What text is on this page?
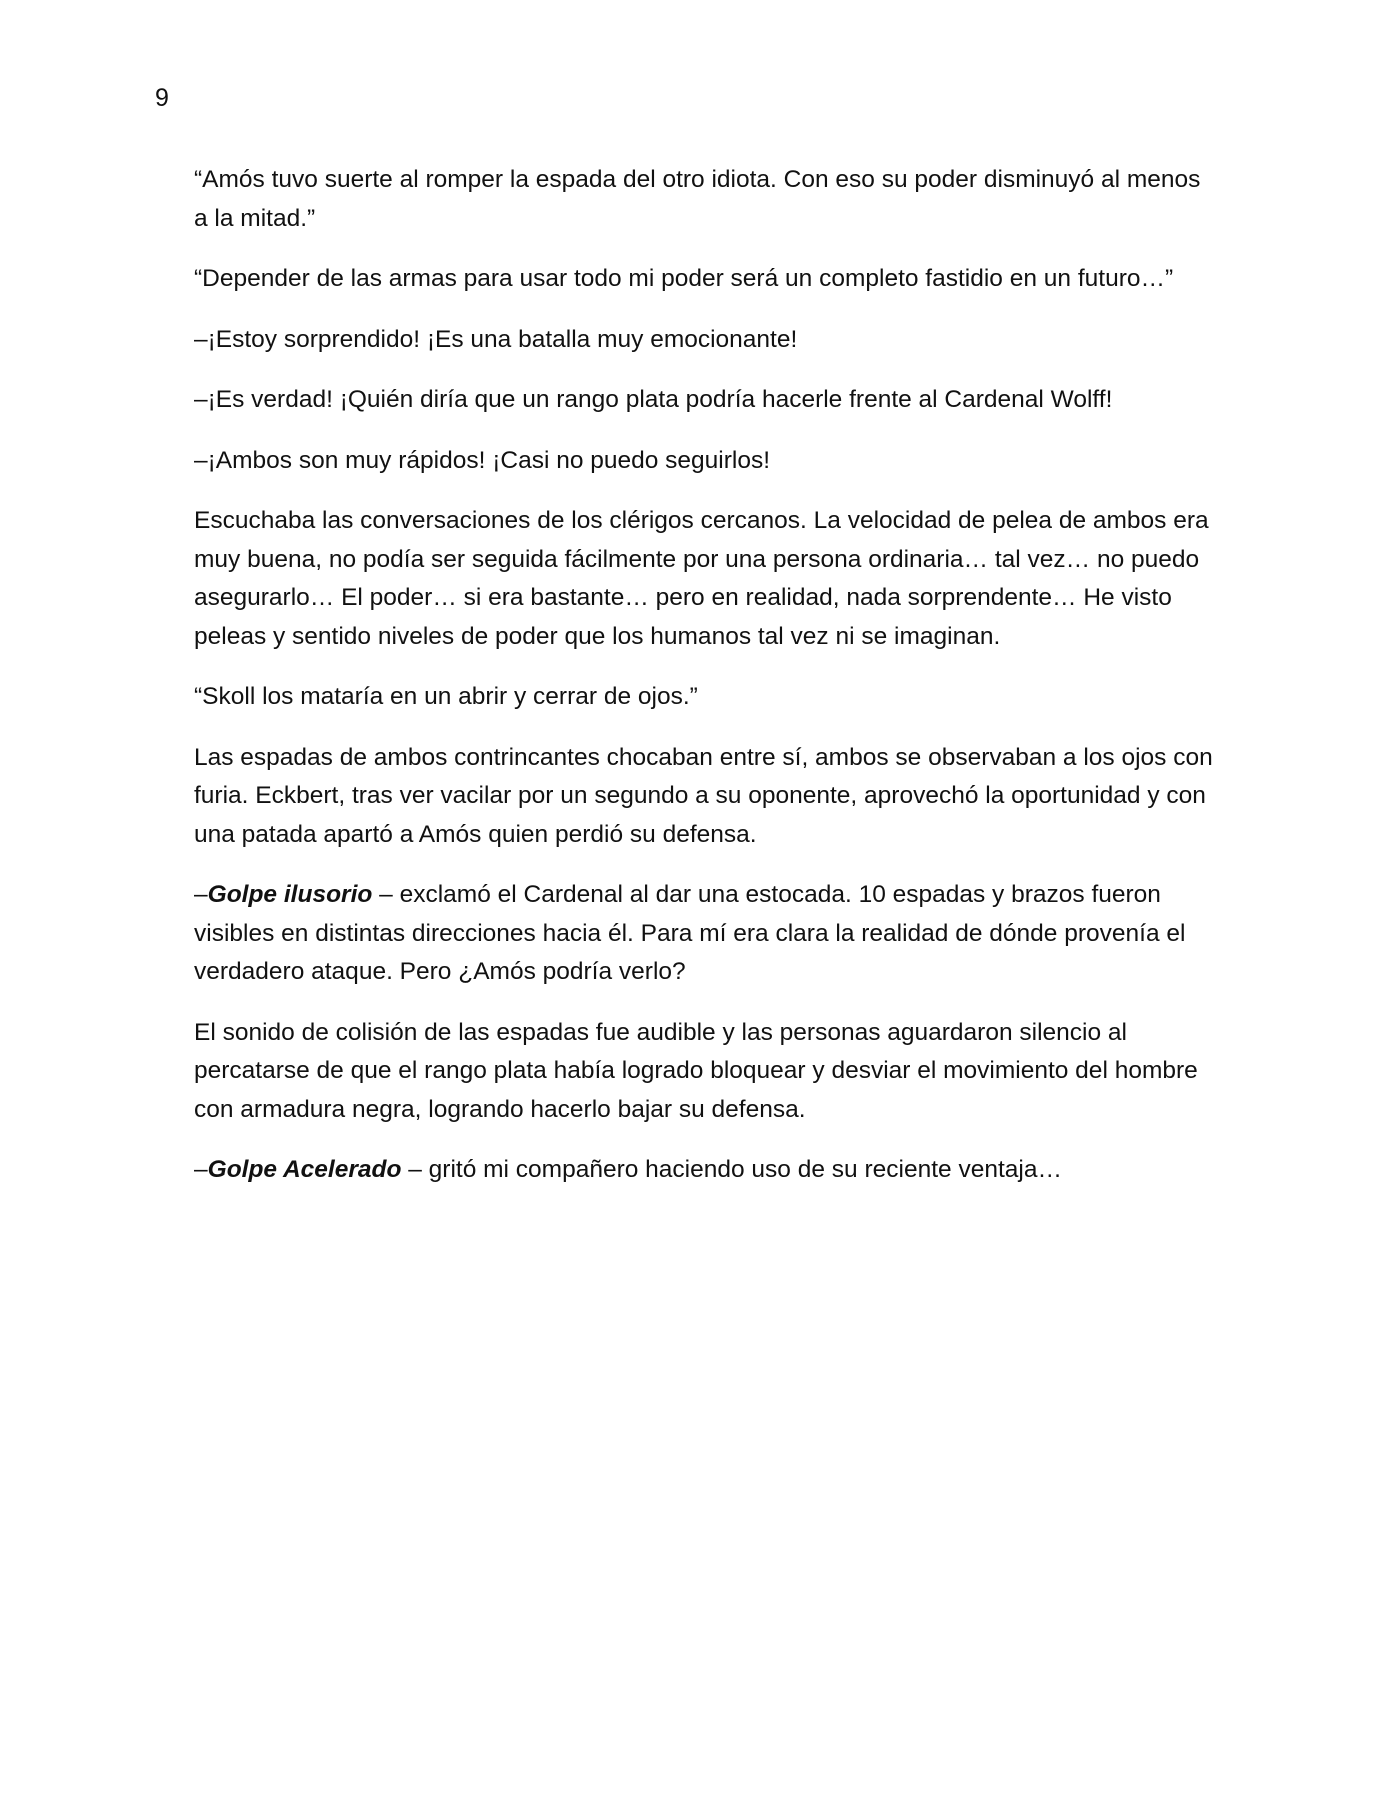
9

“Amós tuvo suerte al romper la espada del otro idiota. Con eso su poder disminuyó al menos a la mitad.”

“Depender de las armas para usar todo mi poder será un completo fastidio en un futuro…”

–¡Estoy sorprendido! ¡Es una batalla muy emocionante!

–¡Es verdad! ¡Quién diría que un rango plata podría hacerle frente al Cardenal Wolff!

–¡Ambos son muy rápidos! ¡Casi no puedo seguirlos!

Escuchaba las conversaciones de los clérigos cercanos. La velocidad de pelea de ambos era muy buena, no podía ser seguida fácilmente por una persona ordinaria… tal vez… no puedo asegurarlo… El poder… si era bastante… pero en realidad, nada sorprendente… He visto peleas y sentido niveles de poder que los humanos tal vez ni se imaginan.

“Skoll los mataría en un abrir y cerrar de ojos.”

Las espadas de ambos contrincantes chocaban entre sí, ambos se observaban a los ojos con furia. Eckbert, tras ver vacilar por un segundo a su oponente, aprovechó la oportunidad y con una patada apartó a Amós quien perdió su defensa.

–Golpe ilusorio – exclamó el Cardenal al dar una estocada. 10 espadas y brazos fueron visibles en distintas direcciones hacia él. Para mí era clara la realidad de dónde provenía el verdadero ataque. Pero ¿Amós podría verlo?

El sonido de colisión de las espadas fue audible y las personas aguardaron silencio al percatarse de que el rango plata había logrado bloquear y desviar el movimiento del hombre con armadura negra, logrando hacerlo bajar su defensa.

–Golpe Acelerado – gritó mi compañero haciendo uso de su reciente ventaja…
